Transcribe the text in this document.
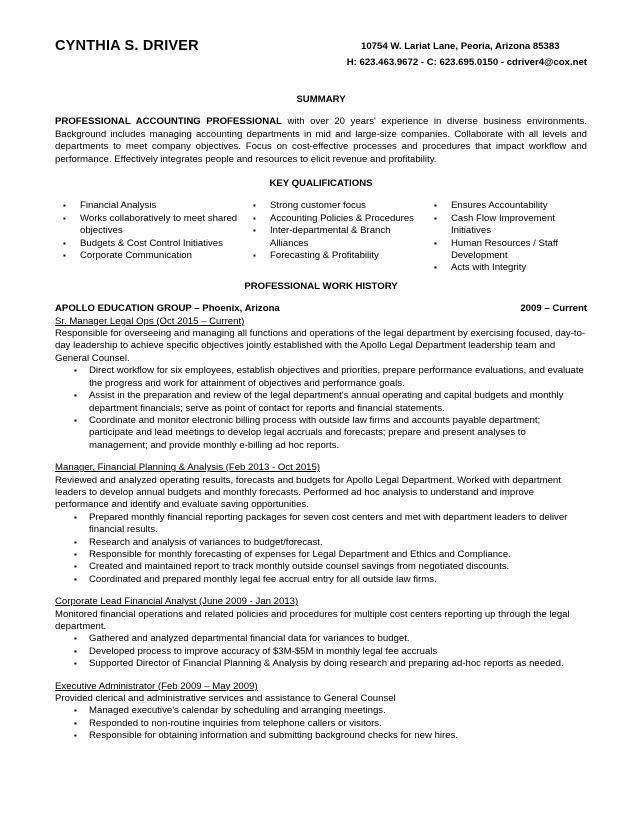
CYNTHIA S. DRIVER	10754 W. Lariat Lane, Peoria, Arizona 85383
H: 623.463.9672 - C: 623.695.0150 - cdriver4@cox.net
SUMMARY
PROFESSIONAL ACCOUNTING PROFESSIONAL with over 20 years' experience in diverse business environments. Background includes managing accounting departments in mid and large-size companies. Collaborate with all levels and departments to meet company objectives. Focus on cost-effective processes and procedures that impact workflow and performance. Effectively integrates people and resources to elicit revenue and profitability.
KEY QUALIFICATIONS
▪ Financial Analysis
▪ Works collaboratively to meet shared objectives
▪ Budgets & Cost Control Initiatives
▪ Corporate Communication
▪ Strong customer focus
▪ Accounting Policies & Procedures
▪ Inter-departmental & Branch Alliances
▪ Forecasting & Profitability
▪ Ensures Accountability
▪ Cash Flow Improvement Initiatives
▪ Human Resources / Staff Development
▪ Acts with Integrity
PROFESSIONAL WORK HISTORY
APOLLO EDUCATION GROUP – Phoenix, Arizona	2009 – Current
Sr. Manager Legal Ops (Oct 2015 – Current)
Responsible for overseeing and managing all functions and operations of the legal department by exercising focused, day-to-day leadership to achieve specific objectives jointly established with the Apollo Legal Department leadership team and General Counsel.
▪ Direct workflow for six employees, establish objectives and priorities, prepare performance evaluations, and evaluate the progress and work for attainment of objectives and performance goals.
▪ Assist in the preparation and review of the legal department's annual operating and capital budgets and monthly department financials; serve as point of contact for reports and financial statements.
▪ Coordinate and monitor electronic billing process with outside law firms and accounts payable department; participate and lead meetings to develop legal accruals and forecasts; prepare and present analyses to management; and provide monthly e-billing ad hoc reports.
Manager, Financial Planning & Analysis (Feb 2013 - Oct 2015)
Reviewed and analyzed operating results, forecasts and budgets for Apollo Legal Department. Worked with department leaders to develop annual budgets and monthly forecasts. Performed ad hoc analysis to understand and improve performance and identify and evaluate saving opportunities.
▪ Prepared monthly financial reporting packages for seven cost centers and met with department leaders to deliver financial results.
▪ Research and analysis of variances to budget/forecast.
▪ Responsible for monthly forecasting of expenses for Legal Department and Ethics and Compliance.
▪ Created and maintained report to track monthly outside counsel savings from negotiated discounts.
▪ Coordinated and prepared monthly legal fee accrual entry for all outside law firms.
Corporate Lead Financial Analyst (June 2009 - Jan 2013)
Monitored financial operations and related policies and procedures for multiple cost centers reporting up through the legal department.
▪ Gathered and analyzed departmental financial data for variances to budget.
▪ Developed process to improve accuracy of $3M-$5M in monthly legal fee accruals
▪ Supported Director of Financial Planning & Analysis by doing research and preparing ad-hoc reports as needed.
Executive Administrator (Feb 2009 – May 2009)
Provided clerical and administrative services and assistance to General Counsel
▪ Managed executive's calendar by scheduling and arranging meetings.
▪ Responded to non-routine inquiries from telephone callers or visitors.
▪ Responsible for obtaining information and submitting background checks for new hires.
